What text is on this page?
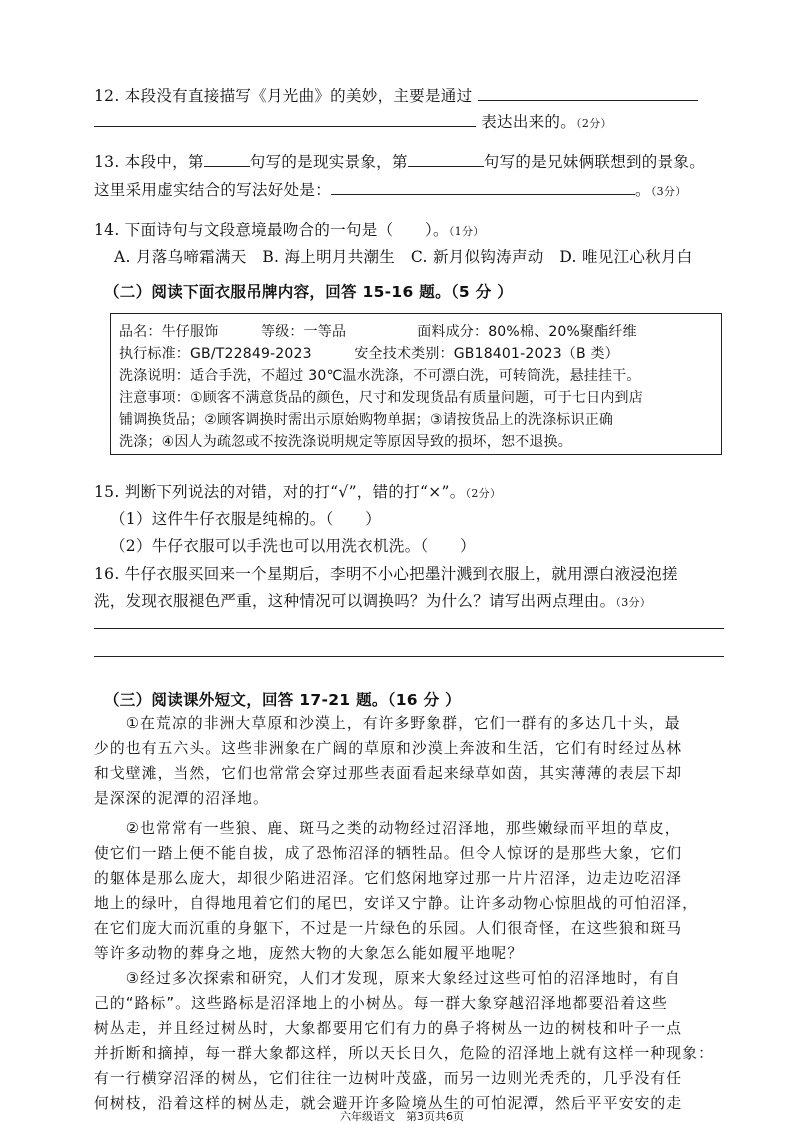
12. 本段没有直接描写《月光曲》的美妙，主要是通过
表达出来的。（2分）
13. 本段中，第	句写的是现实景象，第	句写的是兄妹俩联想到的景象。
这里采用虚实结合的写法好处是：	。（3分）
14. 下面诗句与文段意境最吻合的一句是（　　）。（1分）
A. 月落乌啼霜满天　B. 海上明月共潮生　C. 新月似钩涛声动　D. 唯见江心秋月白
（二）阅读下面衣服吊牌内容，回答 15-16 题。（5 分 ）
品名：牛仔服饰　　　等级：一等品　　　　　面料成分：80%棉、20%聚酯纤维
执行标准：GB/T22849-2023　　　安全技术类别：GB18401-2023（B 类）
洗涤说明：适合手洗，不超过 30℃温水洗涤，不可漂白洗，可转筒洗，悬挂挂干。
注意事项：①顾客不满意货品的颜色，尺寸和发现货品有质量问题，可于七日内到店
铺调换货品；②顾客调换时需出示原始购物单据；③请按货品上的洗涤标识正确
洗涤；④因人为疏忽或不按洗涤说明规定等原因导致的损坏，恕不退换。
15. 判断下列说法的对错，对的打“√”，错的打“×”。（2分）
（1）这件牛仔衣服是纯棉的。（　　）
（2）牛仔衣服可以手洗也可以用洗衣机洗。（　　）
16. 牛仔衣服买回来一个星期后，李明不小心把墨汁溅到衣服上，就用漂白液浸泡搓
洗，发现衣服褪色严重，这种情况可以调换吗？为什么？请写出两点理由。（3分）
（三）阅读课外短文，回答 17-21 题。（16 分 ）
　　①在荒凉的非洲大草原和沙漠上，有许多野象群，它们一群有的多达几十头，最
少的也有五六头。这些非洲象在广阔的草原和沙漠上奔波和生活，它们有时经过丛林
和戈壁滩，当然，它们也常常会穿过那些表面看起来绿草如茵，其实薄薄的表层下却
是深深的泥潭的沼泽地。
　　②也常常有一些狼、鹿、斑马之类的动物经过沼泽地，那些嫩绿而平坦的草皮，
使它们一踏上便不能自拔，成了恐怖沼泽的牺牲品。但令人惊讶的是那些大象，它们
的躯体是那么庞大，却很少陷进沼泽。它们悠闲地穿过那一片片沼泽，边走边吃沼泽
地上的绿叶，自得地甩着它们的尾巴，安详又宁静。让许多动物心惊胆战的可怕沼泽，
在它们庞大而沉重的身躯下，不过是一片绿色的乐园。人们很奇怪，在这些狼和斑马
等许多动物的葬身之地，庞然大物的大象怎么能如履平地呢？
　　③经过多次探索和研究，人们才发现，原来大象经过这些可怕的沼泽地时，有自
己的“路标”。这些路标是沼泽地上的小树丛。每一群大象穿越沼泽地都要沿着这些
树丛走，并且经过树丛时，大象都要用它们有力的鼻子将树丛一边的树枝和叶子一点
并折断和摘掉，每一群大象都这样，所以天长日久，危险的沼泽地上就有这样一种现象：
有一行横穿沼泽的树丛，它们往往一边树叶茂盛，而另一边则光秃秃的，几乎没有任
何树枝，沿着这样的树丛走，就会避开许多险境丛生的可怕泥潭，然后平平安安的走
六年级语文　第3页共6页
